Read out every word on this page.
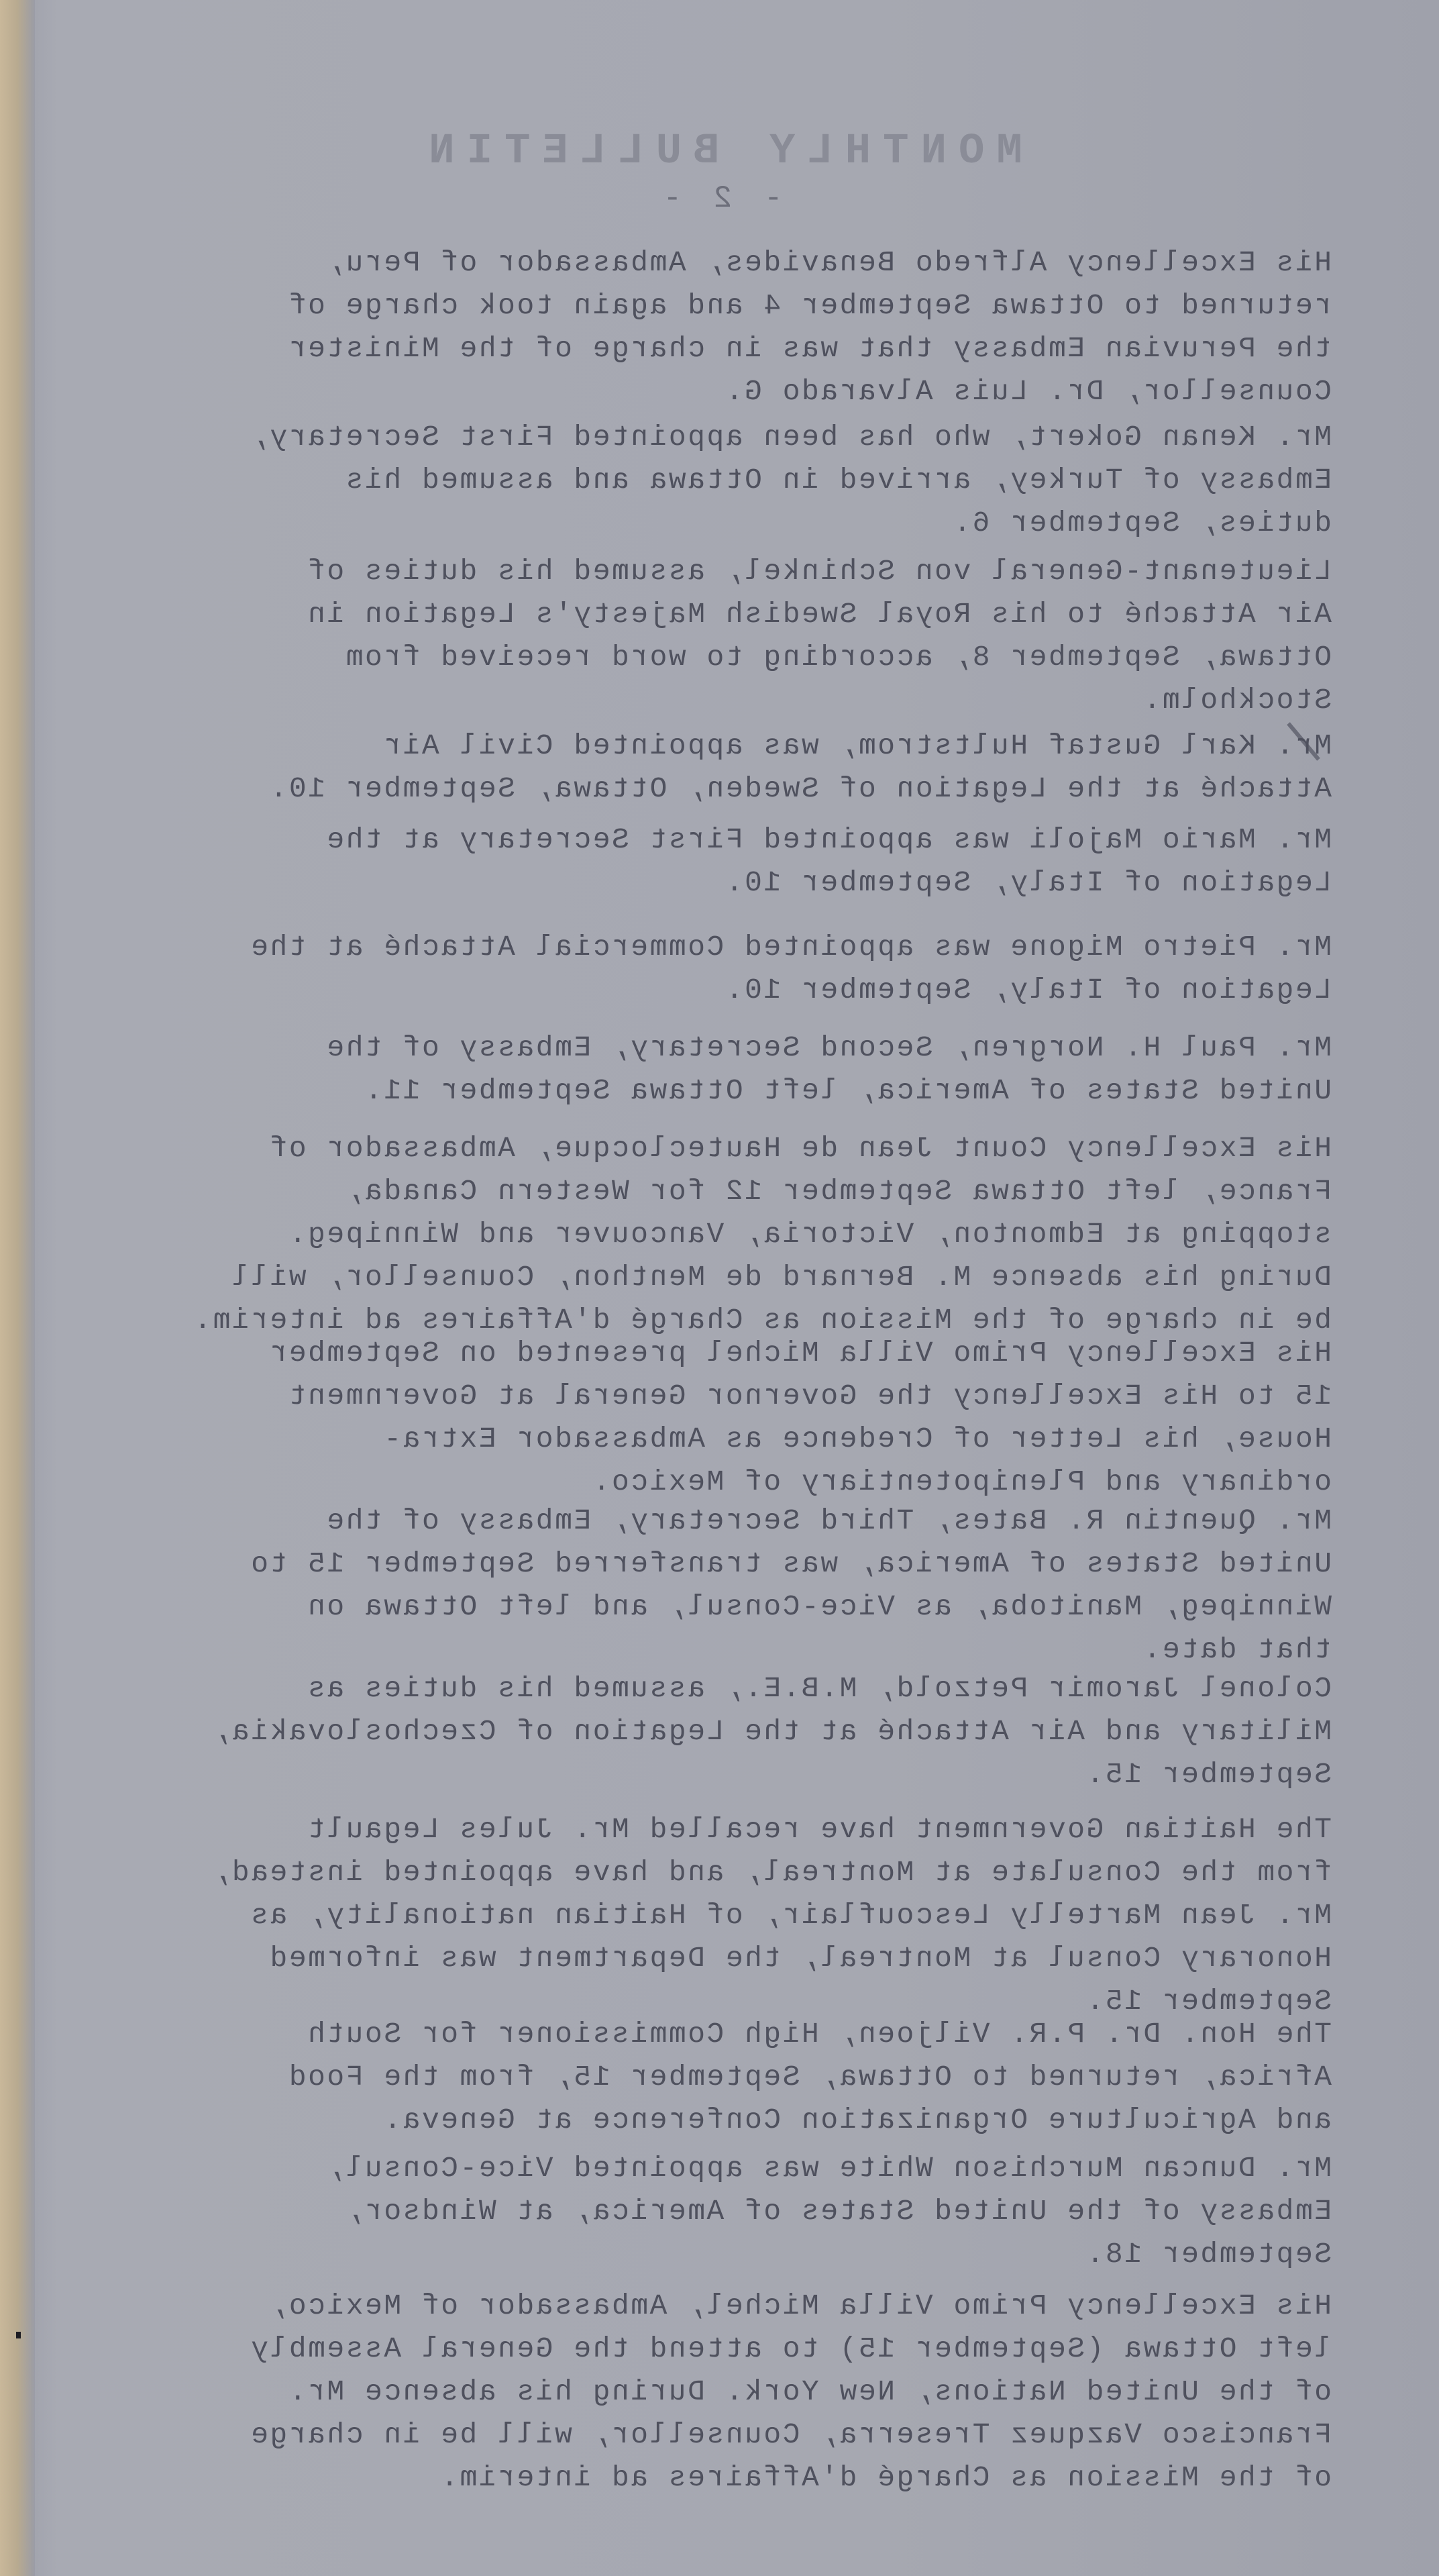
MONTHLY BULLETIN
- 2 -
His Excellency Alfredo Benavides, Ambassador of Peru,
returned to Ottawa September 4 and again took charge of
the Peruvian Embassy that was in charge of the Minister
Counsellor, Dr. Luis Alvarado G.
Mr. Kenan Gokert, who has been appointed First Secretary,
Embassy of Turkey, arrived in Ottawa and assumed his
duties, September 6.
Lieutenant-General von Schinkel, assumed his duties of
Air Attaché to his Royal Swedish Majesty's Legation in
Ottawa, September 8, according to word received from
Stockholm.
Mr. Karl Gustaf Hultstrom, was appointed Civil Air
Attaché at the Legation of Sweden, Ottawa, September 10.
Mr. Mario Majoli was appointed First Secretary at the
Legation of Italy, September 10.
Mr. Pietro Migone was appointed Commercial Attaché at the
Legation of Italy, September 10.
Mr. Paul H. Norgren, Second Secretary, Embassy of the
United States of America, left Ottawa September 11.
His Excellency Count Jean de Hauteclocque, Ambassador of
France, left Ottawa September 12 for Western Canada,
stopping at Edmonton, Victoria, Vancouver and Winnipeg.
During his absence M. Bernard de Menthon, Counsellor, will
be in charge of the Mission as Chargé d'Affaires ad interim.
His Excellency Primo Villa Michel presented on September
15 to His Excellency the Governor General at Government
House, his Letter of Credence as Ambassador Extra-
ordinary and Plenipotentiary of Mexico.
Mr. Quentin R. Bates, Third Secretary, Embassy of the
United States of America, was transferred September 15 to
Winnipeg, Manitoba, as Vice-Consul, and left Ottawa on
that date.
Colonel Jaromir Petzold, M.B.E., assumed his duties as
Military and Air Attaché at the Legation of Czechoslovakia,
September 15.
The Haitian Government have recalled Mr. Jules Legault
from the Consulate at Montreal, and have appointed instead,
Mr. Jean Martelly Lescouflair, of Haitian nationality, as
Honorary Consul at Montreal, the Department was informed
September 15.
The Hon. Dr. P.R. Viljoen, High Commissioner for South
Africa, returned to Ottawa, September 15, from the Food
and Agriculture Organization Conference at Geneva.
Mr. Duncan Murchison White was appointed Vice-Consul,
Embassy of the United States of America, at Windsor,
September 18.
His Excellency Primo Villa Michel, Ambassador of Mexico,
left Ottawa (September 15) to attend the General Assembly
of the United Nations, New York. During his absence Mr.
Francisco Vazquez Treserra, Counsellor, will be in charge
of the Mission as Chargé d'Affaires ad interim.
